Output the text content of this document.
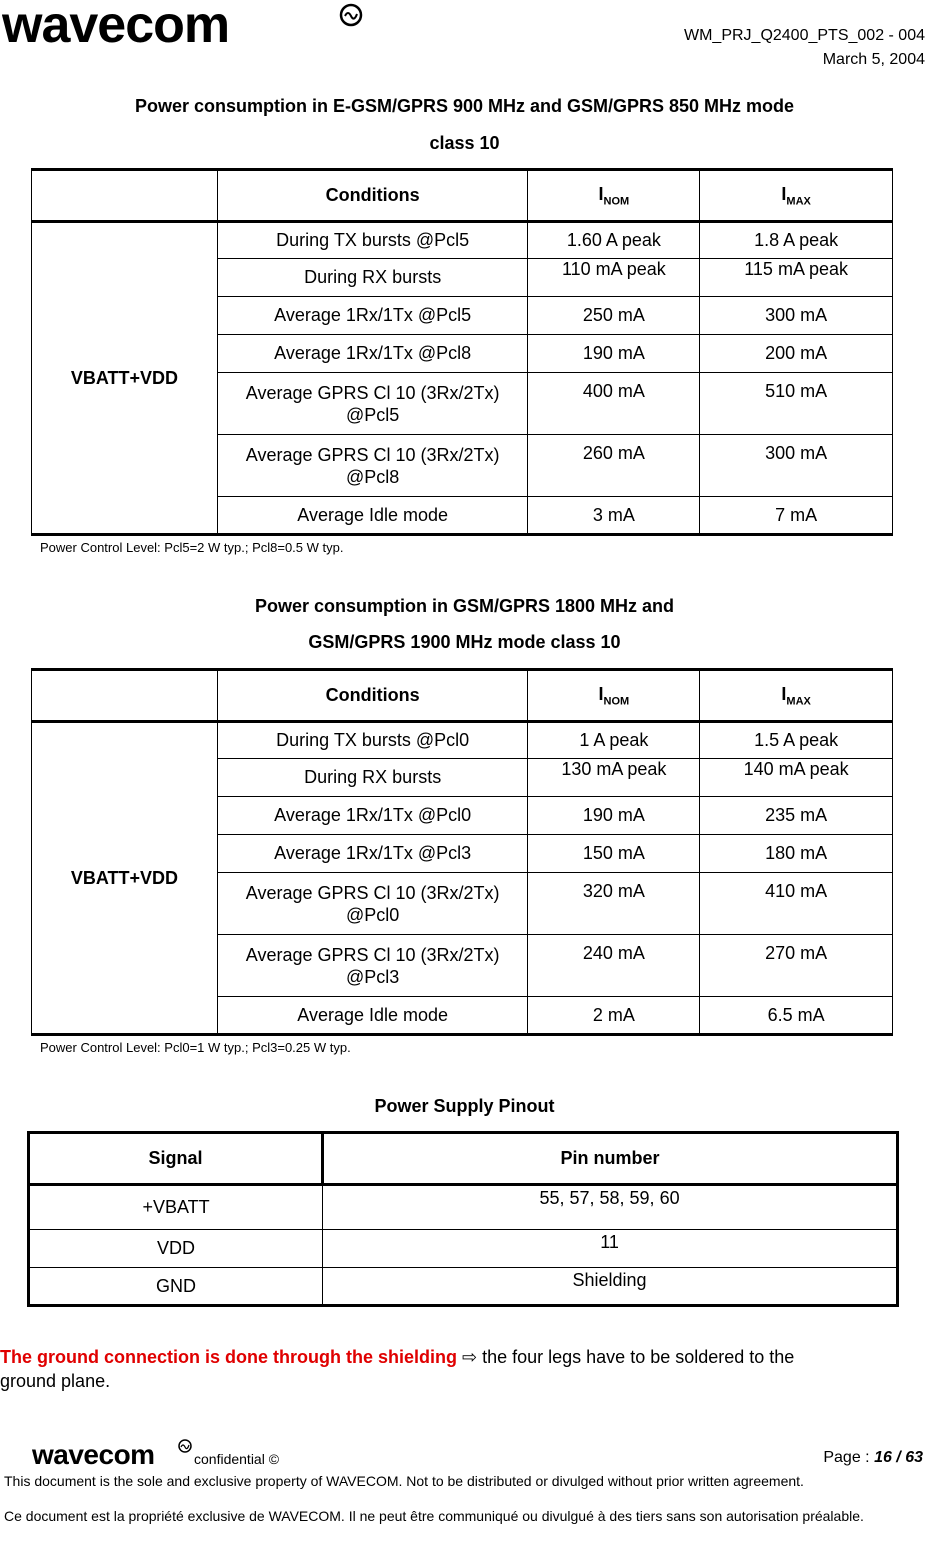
wavecom	WM_PRJ_Q2400_PTS_002 - 004
March 5, 2004
Power consumption in E-GSM/GPRS 900 MHz and GSM/GPRS 850 MHz mode
class 10
	Conditions	$I_{NOM}$	$I_{MAX}$
VBATT+VDD	During TX bursts @Pcl5	1.60 A peak	1.8 A peak
	During RX bursts	110 mA peak	115 mA peak
	Average 1Rx/1Tx @Pcl5	250 mA	300 mA
	Average 1Rx/1Tx @Pcl8	190 mA	200 mA
	Average GPRS Cl 10 (3Rx/2Tx)
@Pcl5	400 mA	510 mA
	Average GPRS Cl 10 (3Rx/2Tx)
@Pcl8	260 mA	300 mA
	Average Idle mode	3 mA	7 mA
Power Control Level: Pcl5=2 W typ.; Pcl8=0.5 W typ.
Power consumption in GSM/GPRS 1800 MHz and
GSM/GPRS 1900 MHz mode class 10
	Conditions	$I_{NOM}$	$I_{MAX}$
VBATT+VDD	During TX bursts @Pcl0	1 A peak	1.5 A peak
	During RX bursts	130 mA peak	140 mA peak
	Average 1Rx/1Tx @Pcl0	190 mA	235 mA
	Average 1Rx/1Tx @Pcl3	150 mA	180 mA
	Average GPRS Cl 10 (3Rx/2Tx)
@Pcl0	320 mA	410 mA
	Average GPRS Cl 10 (3Rx/2Tx)
@Pcl3	240 mA	270 mA
	Average Idle mode	2 mA	6.5 mA
Power Control Level: Pcl0=1 W typ.; Pcl3=0.25 W typ.
Power Supply Pinout
Signal	Pin number
+VBATT	55, 57, 58, 59, 60
VDD	11
GND	Shielding
The ground connection is done through the shielding ⇨ the four legs have to be soldered to the
ground plane.
wavecom	confidential ©	Page : 16 / 63
This document is the sole and exclusive property of WAVECOM. Not to be distributed or divulged without prior written agreement.
Ce document est la propriété exclusive de WAVECOM. Il ne peut être communiqué ou divulgué à des tiers sans son autorisation préalable.
